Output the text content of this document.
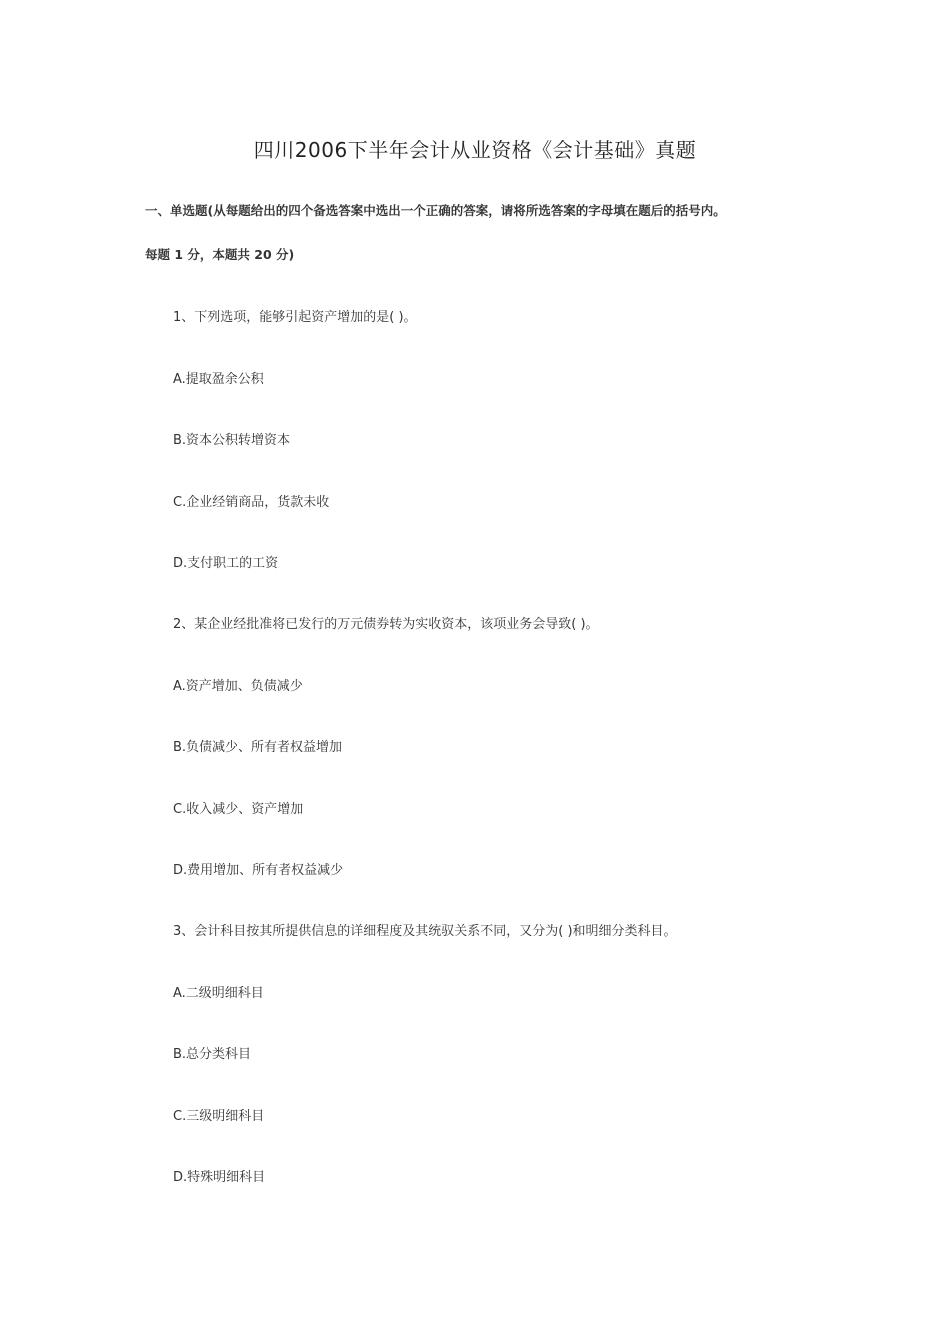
四川2006下半年会计从业资格《会计基础》真题
一、单选题(从每题给出的四个备选答案中选出一个正确的答案，请将所选答案的字母填在题后的括号内。
每题 1 分，本题共 20 分)
1、下列选项，能够引起资产增加的是( )。
A.提取盈余公积
B.资本公积转增资本
C.企业经销商品，货款未收
D.支付职工的工资
2、某企业经批准将已发行的万元债券转为实收资本，该项业务会导致( )。
A.资产增加、负债减少
B.负债减少、所有者权益增加
C.收入减少、资产增加
D.费用增加、所有者权益减少
3、会计科目按其所提供信息的详细程度及其统驭关系不同，又分为( )和明细分类科目。
A.二级明细科目
B.总分类科目
C.三级明细科目
D.特殊明细科目
